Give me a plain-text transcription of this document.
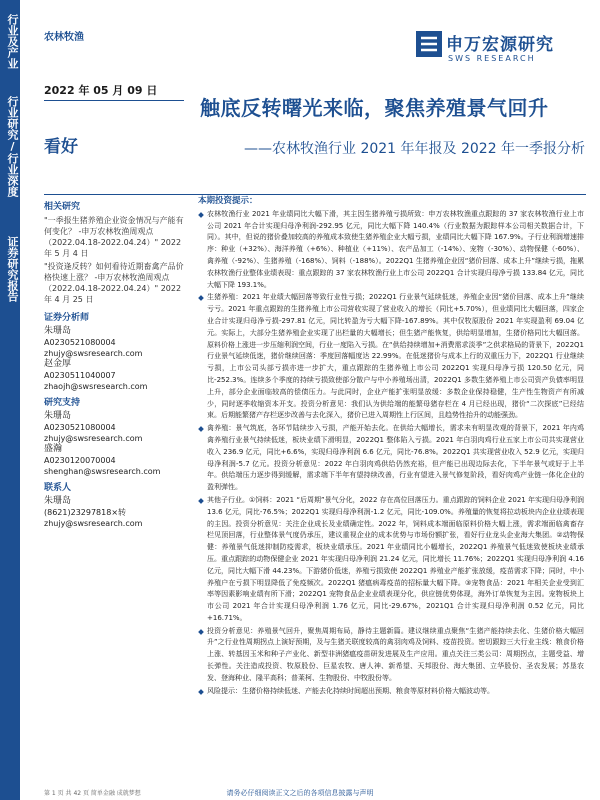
行业及产业
行业研究/行业深度
证券研究报告
农林牧渔	申万宏源研究
SWS RESEARCH
2022 年 05 月 09 日
看好
触底反转曙光来临，聚焦养殖景气回升
——农林牧渔行业 2021 年年报及 2022 年一季报分析
相关研究
"一季报生猪养殖企业资金情况与产能有何变化？ -申万农林牧渔周观点（2022.04.18-2022.04.24）" 2022 年 5 月 4 日
"投资逢反转？如何看待近期畜禽产品价格快速上涨？ -申万农林牧渔周观点（2022.04.18-2022.04.24）" 2022 年 4 月 25 日
证券分析师
朱珊岛
A0230521080004
zhujy@swsresearch.com
赵金厚
A0230511040007
zhaojh@swsresearch.com
研究支持
朱珊岛
A0230521080004
zhujy@swsresearch.com
盛瀚
A0230120070004
shenghan@swsresearch.com
联系人
朱珊岛
(8621)23297818×转
zhujy@swsresearch.com
本期投资提示：
农林牧渔行业 2021 年业绩同比大幅下滑，其主因生猪养殖亏损所致：申万农林牧渔重点跟踪的 37 家农林牧渔行业上市公司 2021 年合计实现归母净利润-292.95 亿元，同比大幅下降 140.4%（行业数据为跟踪样本公司相关数据合计，下同）。其中，但说的猪价叠加较高的养殖成本致使生猪养殖企业大幅亏损，业绩同比大幅下降 167.9%。子行业利润增速排序：种业（+32%）、海洋养殖（+6%）、种植业（+11%）、农产品加工（-14%）、宠物（-30%）、动物保健（-60%）、禽养殖（-92%）、生猪养殖（-168%）、饲料（-188%）。2022Q1 生猪养殖企业因“猪价回落、成本上升”继续亏损，拖累农林牧渔行业整体业绩表现：重点跟踪的 37 家农林牧渔行业上市公司 2022Q1 合计实现归母净亏损 133.84 亿元，同比大幅下降 193.1%。
生猪养殖：2021 年业绩大幅回落等致行业性亏损；2022Q1 行业景气延续低迷，养殖企业因“猪价回落、成本上升”继续亏亏。2021 年重点跟踪的生猪养殖上市公司营收实现了营业收入的增长（同比+5.70%），但业绩同比大幅回落，四家企业合计实现归母净亏损-297.81 亿元，同比转盈为亏大幅下降-167.89%。其中仅牧原股份 2021 年实现盈利 69.04 亿元。实际上，大部分生猪养殖企业实现了出栏量的大幅增长；但生猪产能恢复，供给明显增加，生猪价格同比大幅回落。原料价格上涨进一步压缩利润空间，行业一度陷入亏损。在“供给持续增加+消费需求淡季”之供求格局的背景下，2022Q1 行业景气延续低迷，猪价继续回落：季度回落幅度达 22.99%。在低迷猪价与成本上行的双重压力下，2022Q1 行业继续亏损，上市公司头部亏损亦进一步扩大，重点跟踪的生猪养殖上市公司 2022Q1 实现归母净亏损 120.50 亿元，同比-252.3%。连续多个季度的持续亏损致使部分散户与中小养殖场出清，2022Q1 多数生猪养殖上市公司资产负债率明显上升，部分企业面临较高的偿债压力。与此同时，企业产能扩张明显放缓：多数企业保持稳健，生产性生物资产有所减少，同时逐季收缩资本开支。投资分析意见：我们认为供给端的能繁母猪存栏在 4 月已经出现，猪价“二次探底”已经结束。后期能繁猪产存栏逐步改善与去化深入，猪价已进入周期性上行区间，且趋势性抬升的动能强劲。
禽养殖：景气筑底，各环节陆续步入亏损，产能开始去化。在供给大幅增长，需求未有明显改观的背景下，2021 年内鸡禽养殖行业景气持续低迷，板块业绩下滑明显，2022Q1 整体陷入亏损。2021 年白羽肉鸡行业五家上市公司共实现营业收入 236.9 亿元，同比+6.6%，实现归母净利润 6.6 亿元，同比-76.8%。2022Q1 共实现营业收入 52.9 亿元，实现归母净利润-5.7 亿元。投资分析意见：2022 年白羽肉鸡供给仍然充裕，但产能已出现边际去化，下半年景气或好于上半年。供给端压力逐步得到缓解，需求端下半年有望持续改善，行业有望进入景气修复阶段，看好肉鸡产业链一体化企业的盈利弹性。
其他子行业。①饲料：2021 “后周期”景气分化，2022 存在高位回落压力。重点跟踪的饲料企业 2021 年实现归母净利润 13.6 亿元，同比-76.5%；2022Q1 实现归母净利润-1.2 亿元，同比-109.0%。养殖量的恢复将拉动板块内企业业绩表现的主因。投资分析意见：关注企业成长及业绩确定性。2022 年，饲料成本端面临原料价格大幅上涨，需求端面临禽畜存栏见顶回落，行业整体景气度仍承压，建议重视企业的成本优势与市场份额扩张，看好行业龙头企业海大集团。②动物保健：养殖景气低迷抑制防疫需求，板块业绩承压。2021 年业绩同比小幅增长，2022Q1 养殖景气低迷致使板块业绩承压。重点跟踪的动物保健企业 2021 年实现归母净利润 21.24 亿元，同比增长 11.76%；2022Q1 实现归母净利润 4.16 亿元，同比大幅下滑 44.23%。下游猪价低迷，养殖亏损致使 2022Q1 养殖业产能扩张放缓，疫苗需求下降；同时，中小养殖户在亏损下明显降低了免疫频次。2022Q1 猪瘟病毒疫苗的招标量大幅下降。③宠物食品：2021 年相关企业受到汇率等因素影响业绩有所下滑；2022Q1 宠物食品企业业绩表现分化，供应链优势体现，海外订单恢复为主因。宠物板块上市公司 2021 年合计实现归母净利润 1.76 亿元，同比-29.67%，2021Q1 合计实现归母净利润 0.52 亿元，同比+16.71%。
投资分析意见：养殖景气回升，聚焦周期布局，静待主题新篇。建议继续重点聚焦“生猪产能持续去化、生猪价格大幅回升”之行业性周期拐点上演好预期，及与生猪关联度较高的禽羽肉鸡及饲料、疫苗投资。密切跟踪三大行业主线：粮食价格上涨、转基因玉米和种子产业化、新型非洲猪瘟疫苗研发进展及生产应用。重点关注三类公司：周期拐点，主题受益、增长弹性。关注造成投资、牧原股份、巨星农牧、唐人神、新希望、天邦股份、海大集团、立华股份、圣农发展；苏垦农发、登海种业、隆平高科；普莱柯、生物股份、中牧股份等。
风险提示：生猪价格持续低迷、产能去化持续时间超出预期、粮食等原材料价格大幅波动等。
第 1 页 共 42 页 简单金融 成就梦想	请务必仔细阅读正文之后的各项信息披露与声明
